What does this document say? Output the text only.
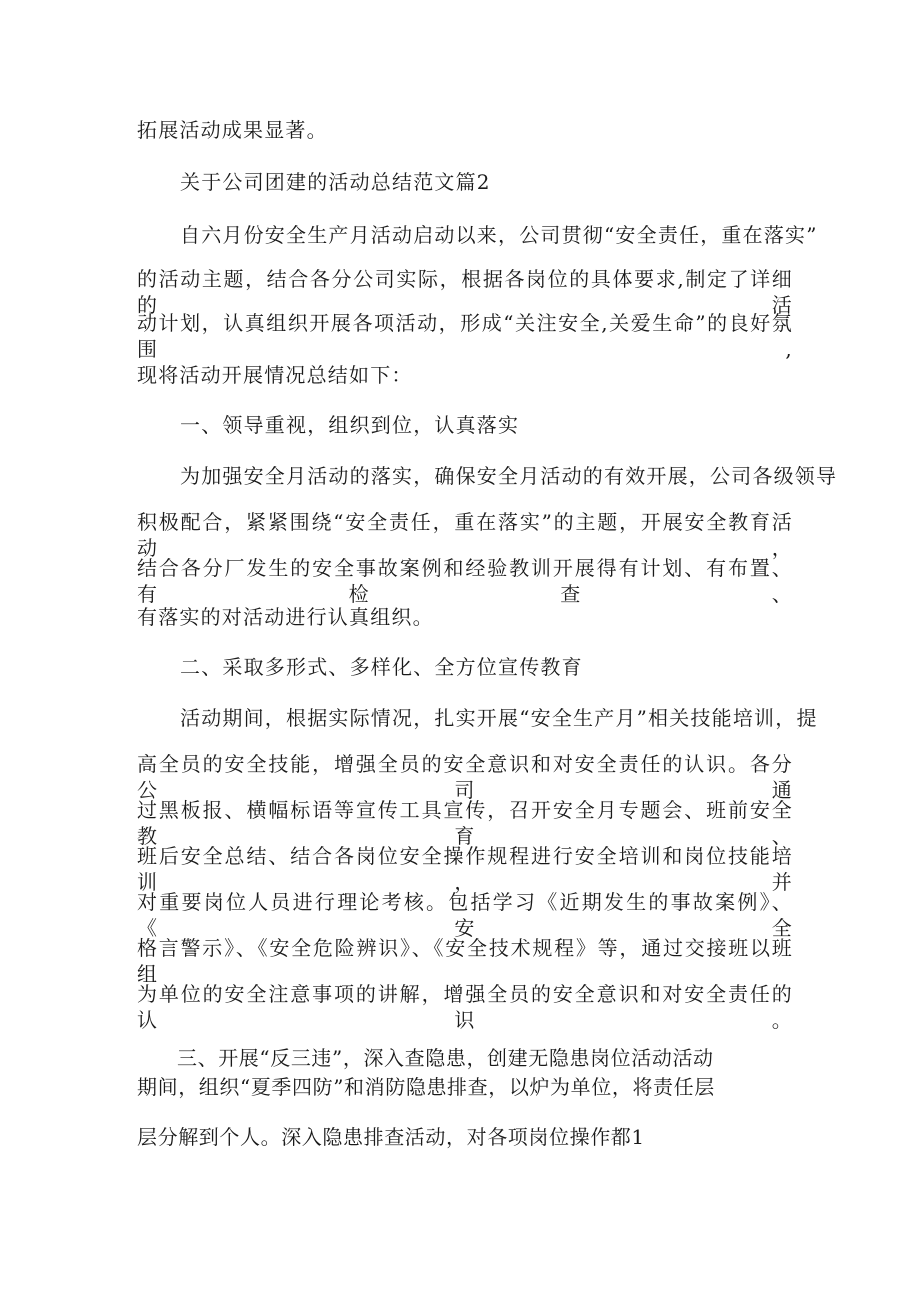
拓展活动成果显著。
关于公司团建的活动总结范文篇2
自六月份安全生产月活动启动以来，公司贯彻“安全责任，重在落实”
的活动主题，结合各分公司实际，根据各岗位的具体要求,制定了详细的活
动计划，认真组织开展各项活动，形成“关注安全,关爱生命”的良好氛围,
现将活动开展情况总结如下：
一、领导重视，组织到位，认真落实
为加强安全月活动的落实，确保安全月活动的有效开展，公司各级领导
积极配合，紧紧围绕“安全责任，重在落实”的主题，开展安全教育活动，
结合各分厂发生的安全事故案例和经验教训开展得有计划、有布置、有检查、
有落实的对活动进行认真组织。
二、采取多形式、多样化、全方位宣传教育
活动期间，根据实际情况，扎实开展“安全生产月”相关技能培训，提
高全员的安全技能，增强全员的安全意识和对安全责任的认识。各分公司通
过黑板报、横幅标语等宣传工具宣传，召开安全月专题会、班前安全教育、
班后安全总结、结合各岗位安全操作规程进行安全培训和岗位技能培训，并
对重要岗位人员进行理论考核。包括学习《近期发生的事故案例》、《安全
格言警示》、《安全危险辨识》、《安全技术规程》等，通过交接班以班组
为单位的安全注意事项的讲解，增强全员的安全意识和对安全责任的认识。
三、开展“反三违”，深入查隐患，创建无隐患岗位活动活动
期间，组织“夏季四防”和消防隐患排查，以炉为单位，将责任层
层分解到个人。深入隐患排查活动，对各项岗位操作都1
